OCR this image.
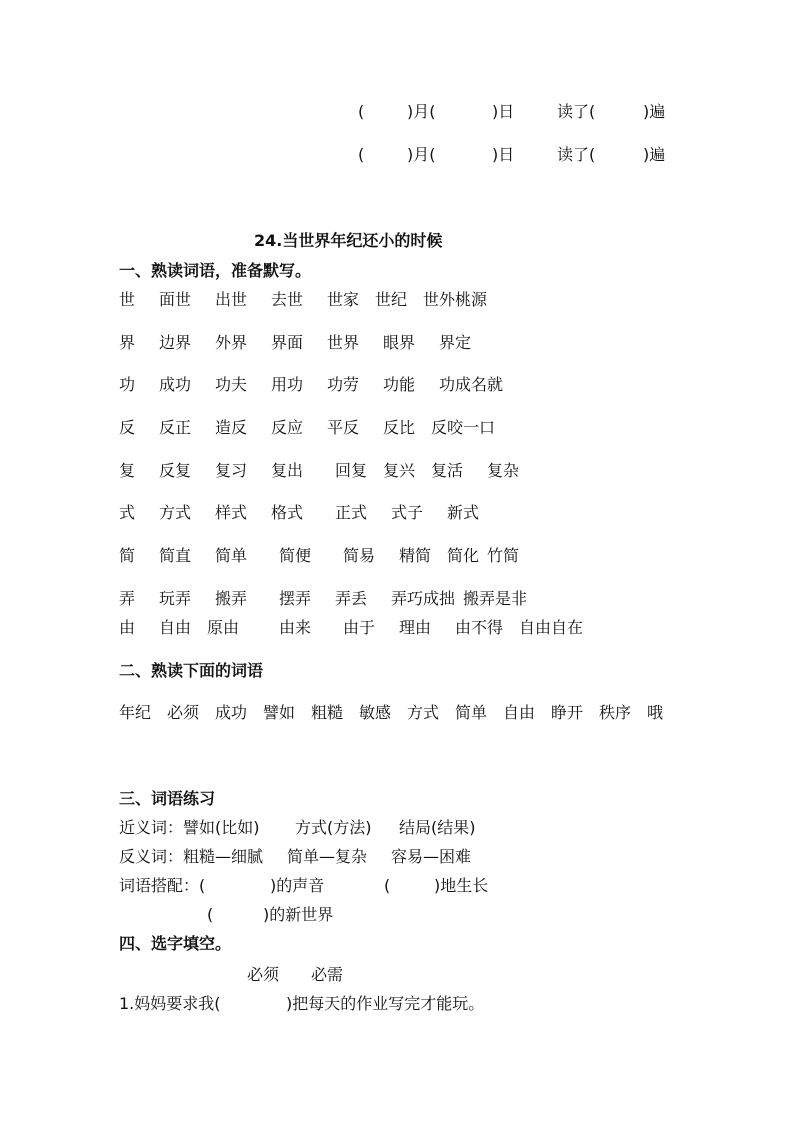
(	)月(	)日	读了(	)遍
(	)月(	)日	读了(	)遍
24.当世界年纪还小的时候
一、熟读词语，准备默写。
世 面世 出世 去世 世家 世纪 世外桃源
界 边界 外界 界面 世界 眼界 界定
功 成功 功夫 用功 功劳 功能 功成名就
反 反正 造反 反应 平反 反比 反咬一口
复 反复 复习 复出 回复 复兴 复活 复杂
式 方式 样式 格式 正式 式子 新式
简 简直 简单 简便 简易 精简 简化 竹简
弄 玩弄 搬弄 摆弄 弄丢 弄巧成拙 搬弄是非
由 自由 原由 由来 由于 理由 由不得 自由自在
二、熟读下面的词语
年纪 必须 成功 譬如 粗糙 敏感 方式 简单 自由 睁开 秩序 哦
三、词语练习
近义词： 譬如(比如) 方式(方法) 结局(结果)
反义词： 粗糙—细腻 简单—复杂 容易—困难
词语搭配： (	)的声音	(	)地生长
(	)的新世界
四、选字填空。
必须 必需
1.妈妈要求我(	)把每天的作业写完才能玩。
